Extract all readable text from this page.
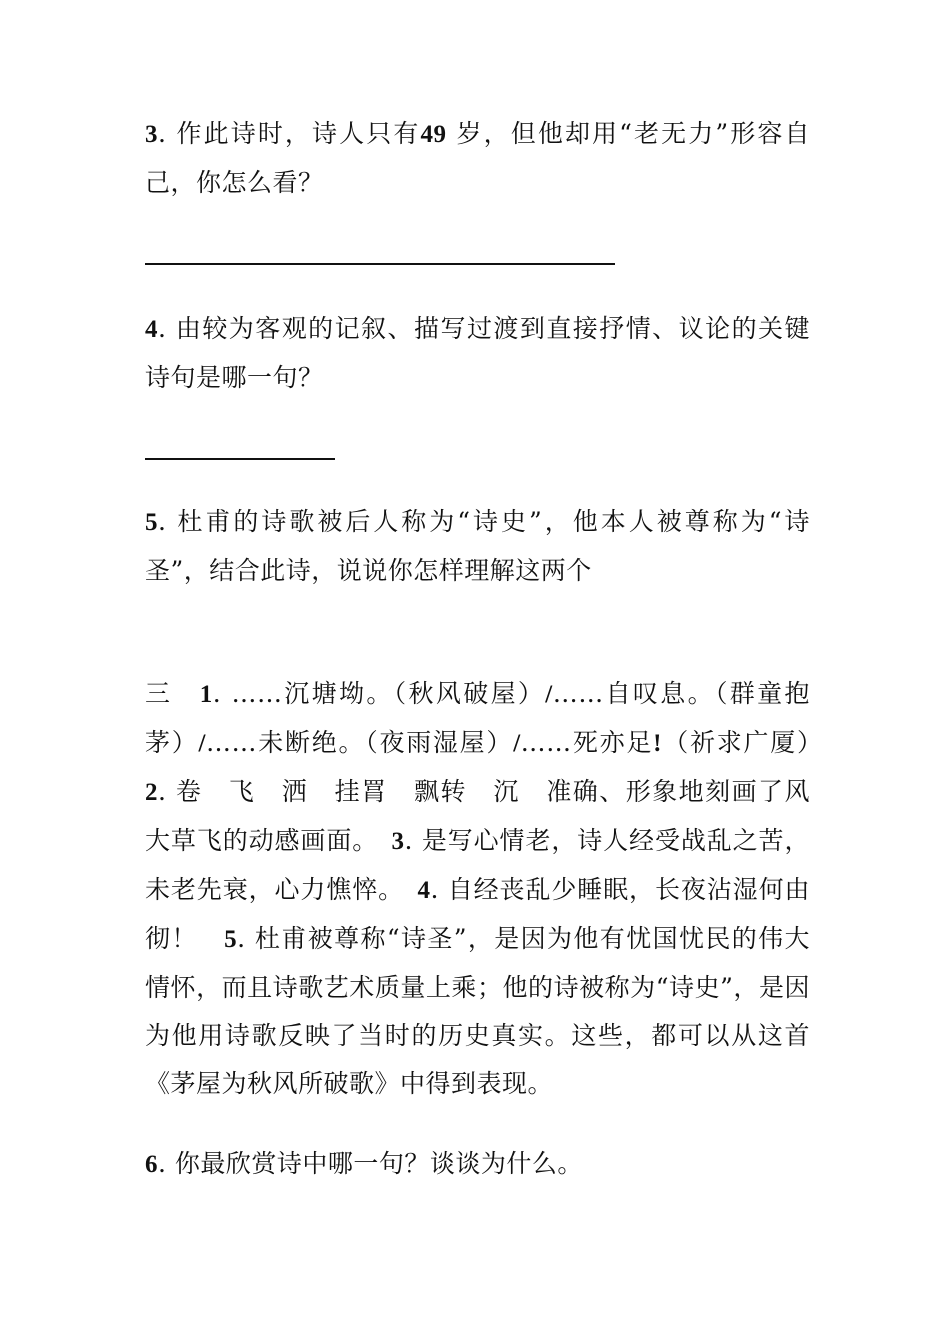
3. 作此诗时，诗人只有49 岁，但他却用“老无力”形容自己，你怎么看？

4. 由较为客观的记叙、描写过渡到直接抒情、议论的关键诗句是哪一句？

5. 杜甫的诗歌被后人称为“诗史”，他本人被尊称为“诗圣”，结合此诗，说说你怎样理解这两个

三　 1. ……沉塘坳。（秋风破屋）/……自叹息。（群童抱茅）/……未断绝。（夜雨湿屋）/……死亦足!（祈求广厦）　2. 卷　飞　洒　挂罥　飘转　沉　准确、形象地刻画了风大草飞的动感画面。　 3. 是写心情老，诗人经受战乱之苦，未老先衰，心力憔悴。　 4. 自经丧乱少睡眠，长夜沾湿何由彻！　 5. 杜甫被尊称“诗圣”，是因为他有忧国忧民的伟大情怀，而且诗歌艺术质量上乘；他的诗被称为“诗史”，是因为他用诗歌反映了当时的历史真实。这些，都可以从这首《茅屋为秋风所破歌》中得到表现。

6. 你最欣赏诗中哪一句？谈谈为什么。
